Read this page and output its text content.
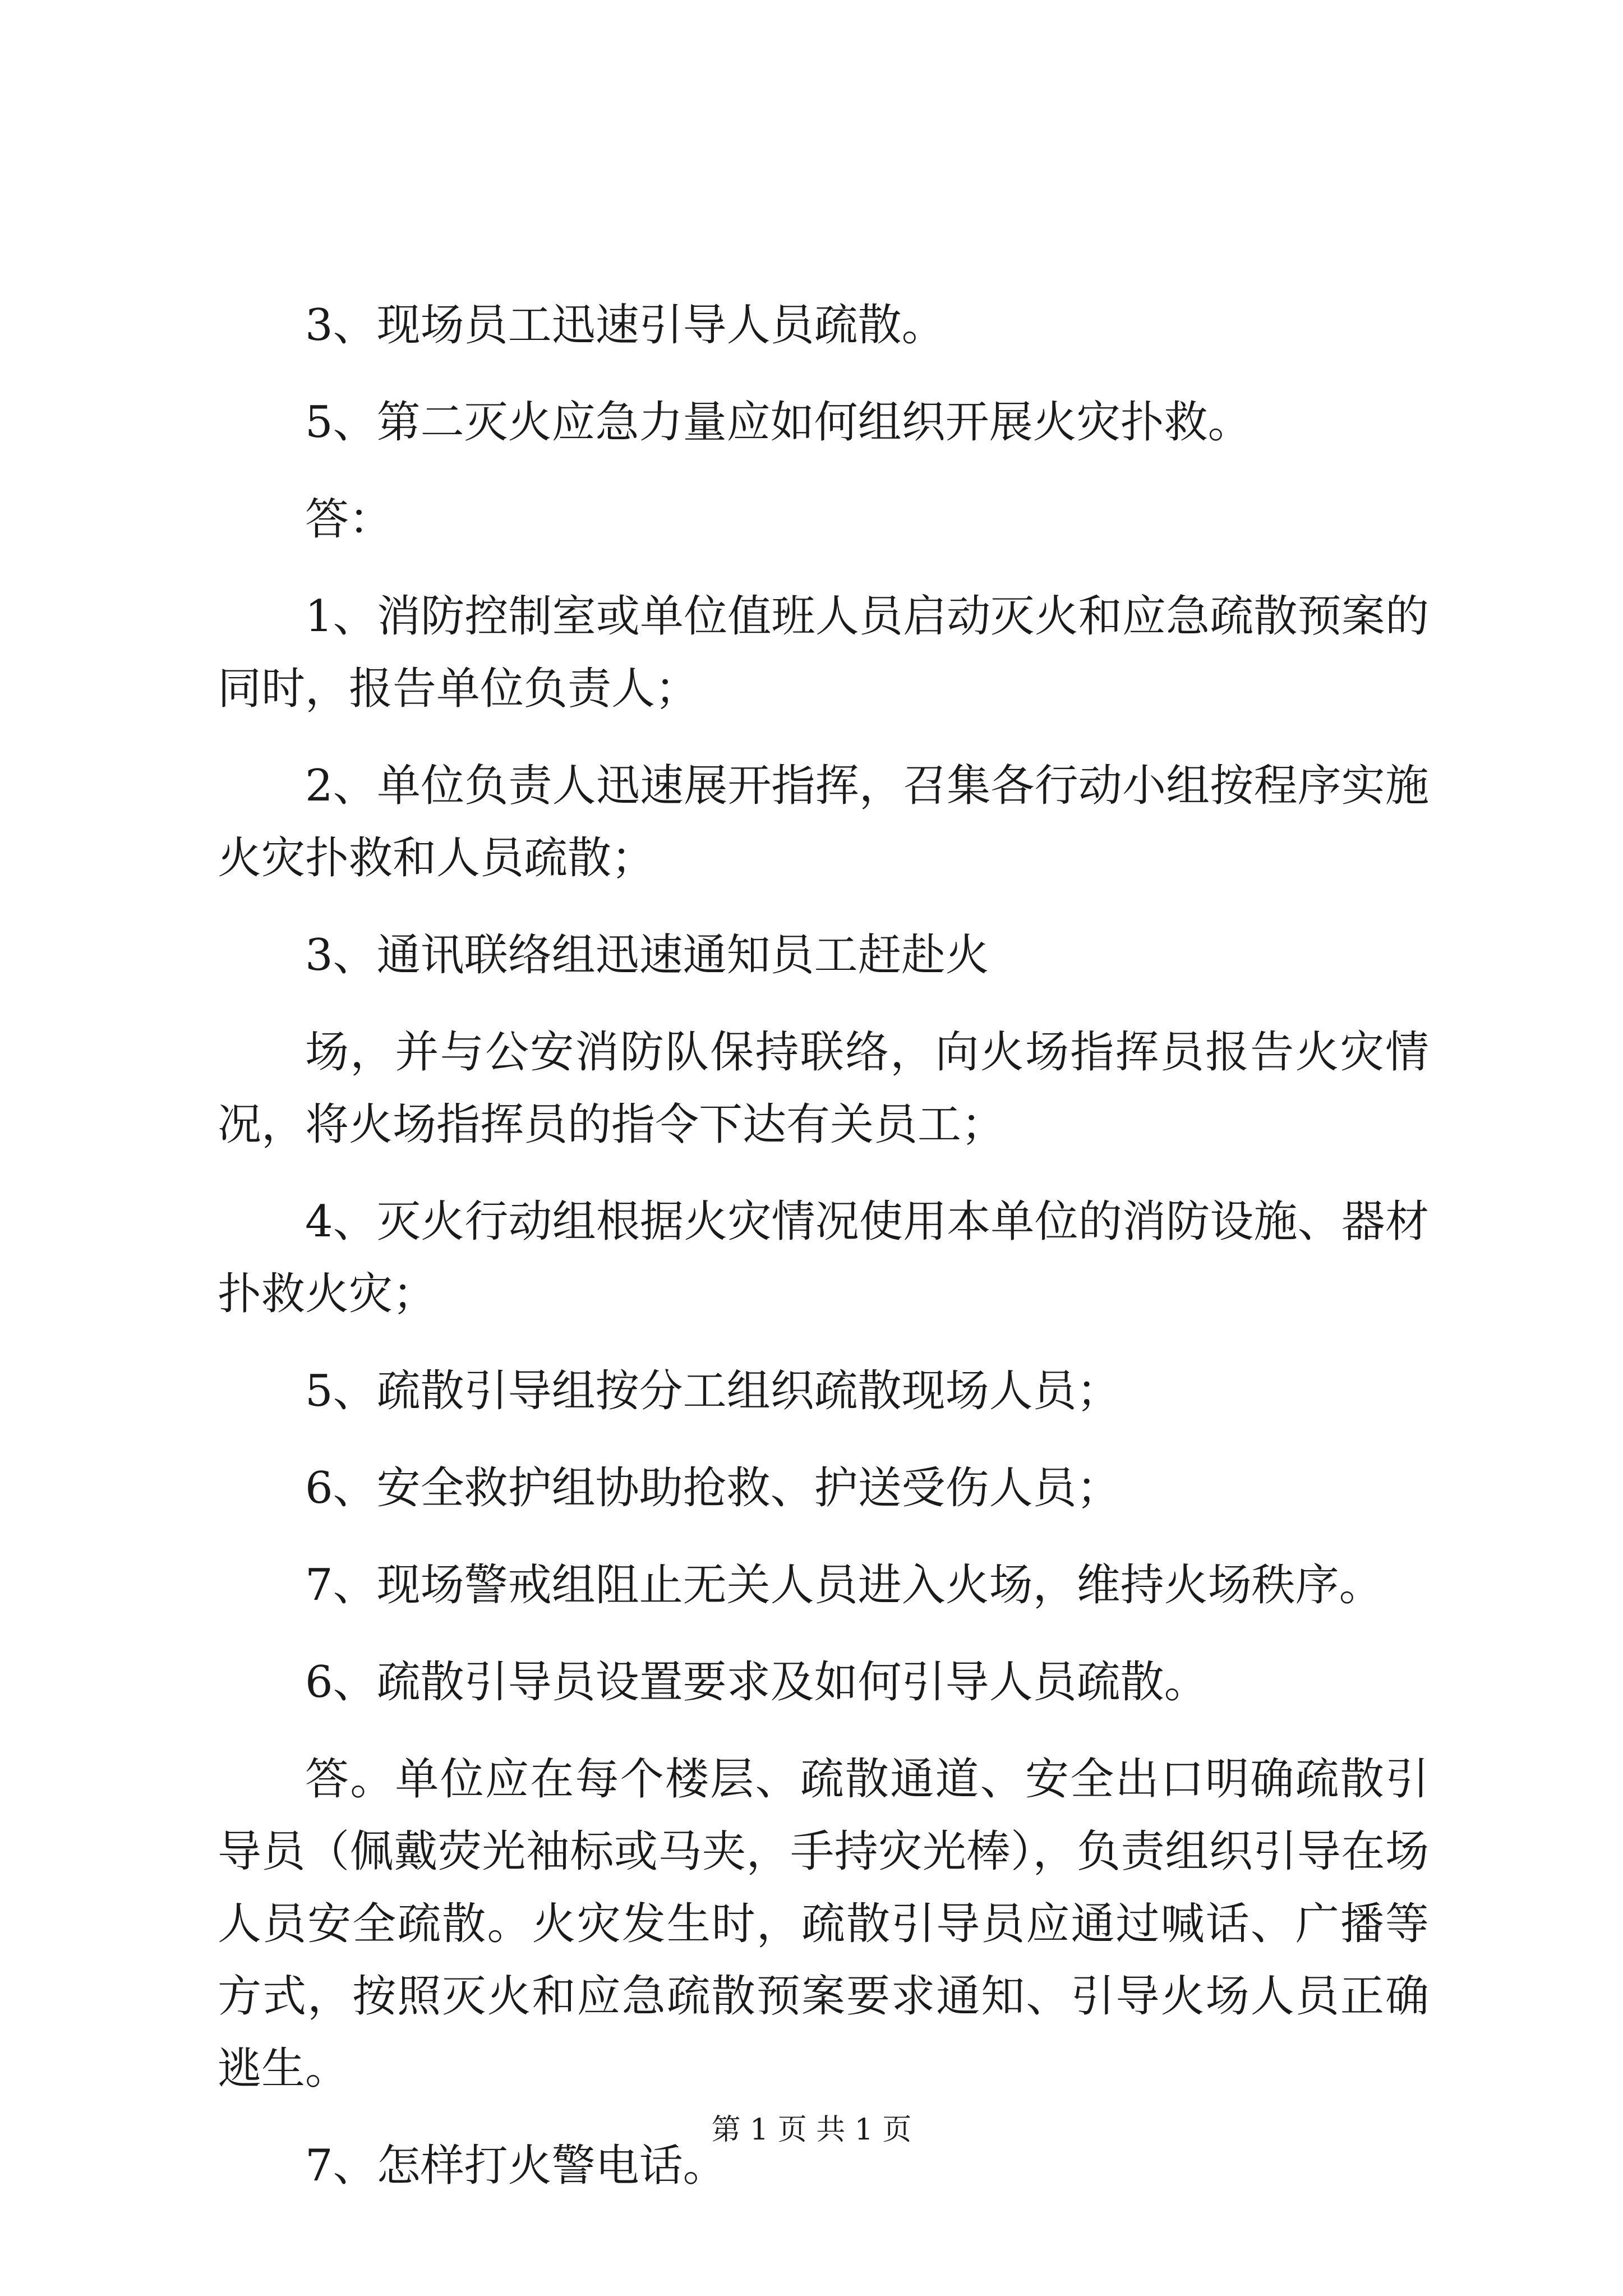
3、现场员工迅速引导人员疏散。

5、第二灭火应急力量应如何组织开展火灾扑救。

答：

1、消防控制室或单位值班人员启动灭火和应急疏散预案的同时，报告单位负责人；

2、单位负责人迅速展开指挥，召集各行动小组按程序实施火灾扑救和人员疏散；

3、通讯联络组迅速通知员工赶赴火

场，并与公安消防队保持联络，向火场指挥员报告火灾情况，将火场指挥员的指令下达有关员工；

4、灭火行动组根据火灾情况使用本单位的消防设施、器材扑救火灾；

5、疏散引导组按分工组织疏散现场人员；

6、安全救护组协助抢救、护送受伤人员；

7、现场警戒组阻止无关人员进入火场，维持火场秩序。

6、疏散引导员设置要求及如何引导人员疏散。

答。单位应在每个楼层、疏散通道、安全出口明确疏散引导员（佩戴荧光袖标或马夹，手持灾光棒），负责组织引导在场人员安全疏散。火灾发生时，疏散引导员应通过喊话、广播等方式，按照灭火和应急疏散预案要求通知、引导火场人员正确逃生。

7、怎样打火警电话。

第 1 页 共 1 页
